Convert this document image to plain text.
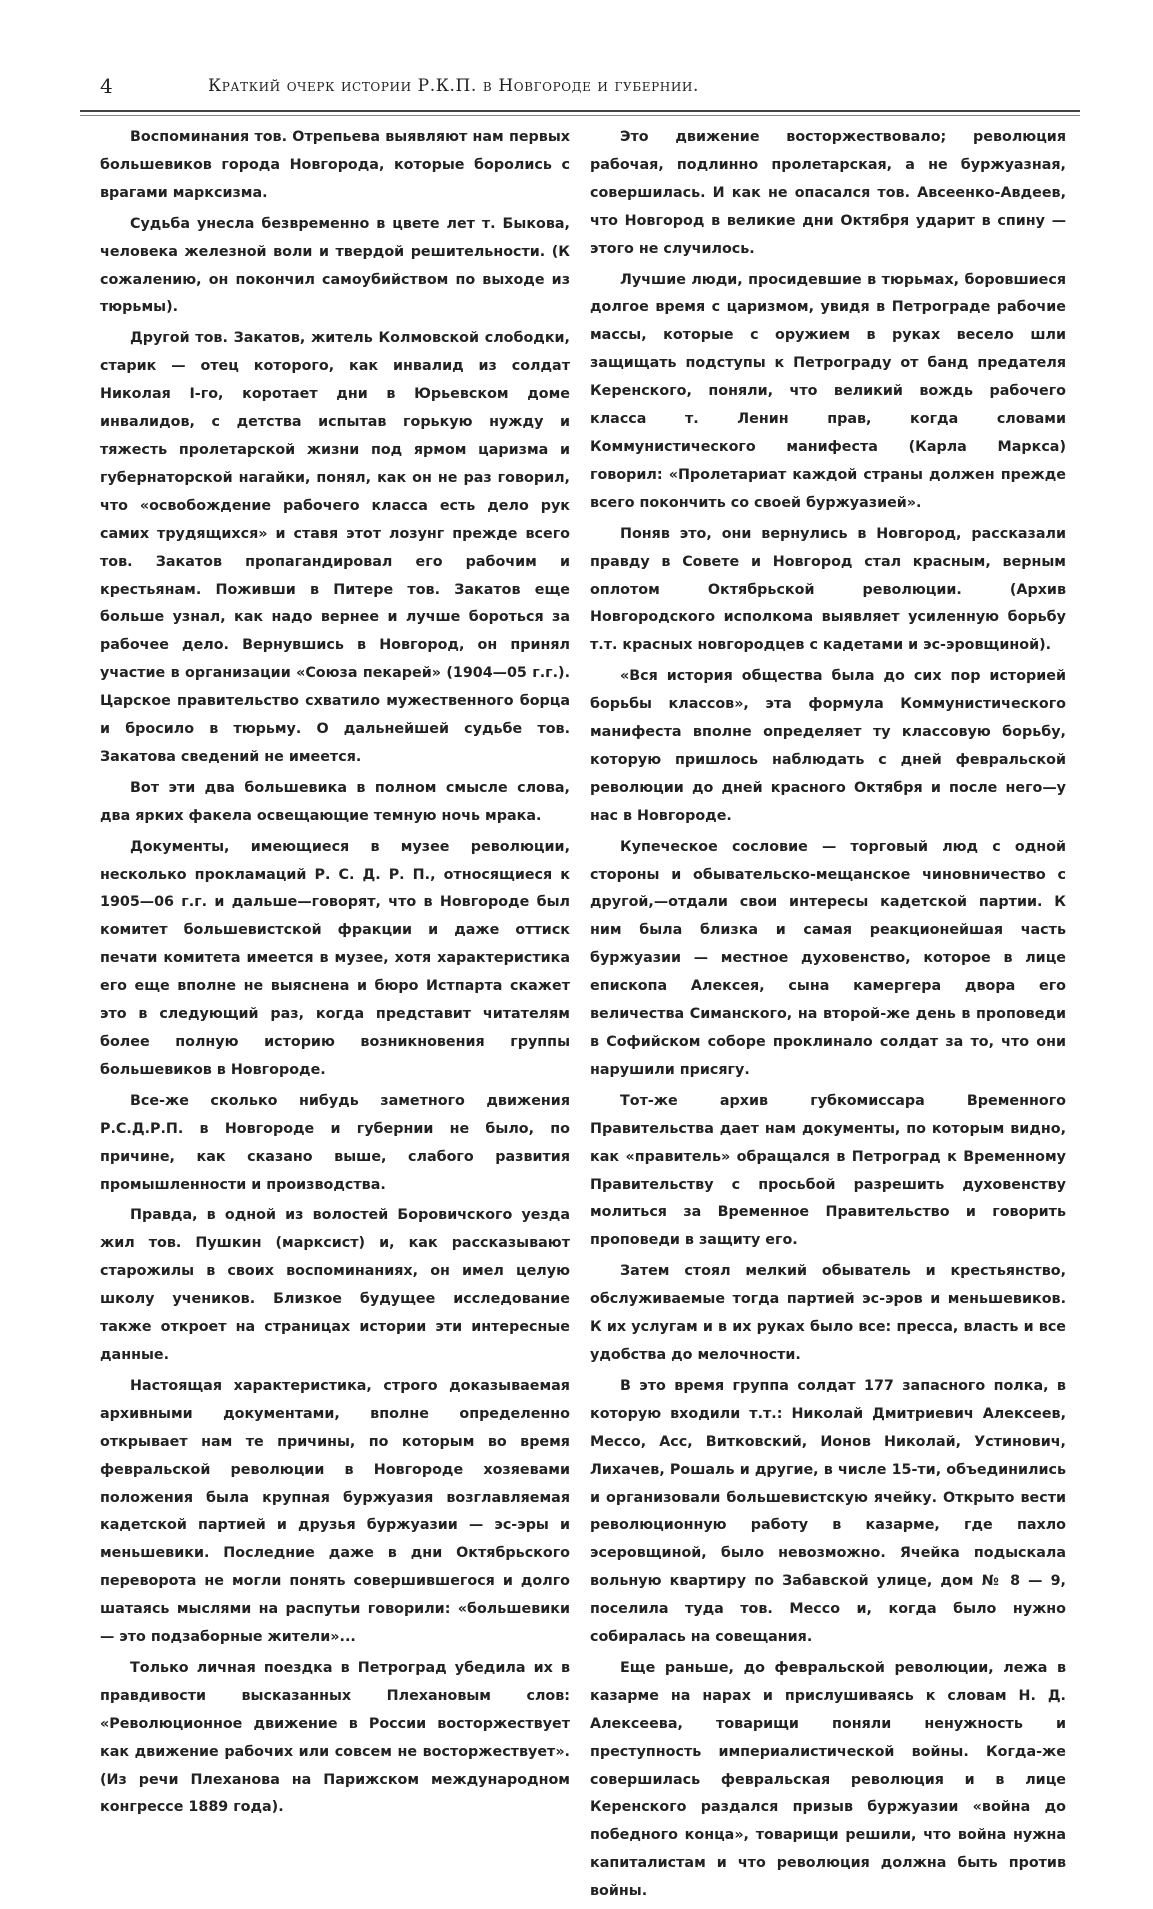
4	Краткий очерк истории Р.К.П. в Новгороде и губернии.

Воспоминания тов. Отрепьева выявляют нам первых большевиков города Новгорода, которые боролись с врагами марксизма.

Судьба унесла безвременно в цвете лет т. Быкова, человека железной воли и твердой решительности. (К сожалению, он покончил самоубийством по выходе из тюрьмы).

Другой тов. Закатов, житель Колмовской слободки, старик — отец которого, как инвалид из солдат Николая I-го, коротает дни в Юрьевском доме инвалидов, с детства испытав горькую нужду и тяжесть пролетарской жизни под ярмом царизма и губернаторской нагайки, понял, как он не раз говорил, что «освобождение рабочего класса есть дело рук самих трудящихся» и ставя этот лозунг прежде всего тов. Закатов пропагандировал его рабочим и крестьянам. Поживши в Питере тов. Закатов еще больше узнал, как надо вернее и лучше бороться за рабочее дело. Вернувшись в Новгород, он принял участие в организации «Союза пекарей» (1904—05 г.г.). Царское правительство схватило мужественного борца и бросило в тюрьму. О дальнейшей судьбе тов. Закатова сведений не имеется.

Вот эти два большевика в полном смысле слова, два ярких факела освещающие темную ночь мрака.

Документы, имеющиеся в музее революции, несколько прокламаций Р. С. Д. Р. П., относящиеся к 1905—06 г.г. и дальше—говорят, что в Новгороде был комитет большевистской фракции и даже оттиск печати комитета имеется в музее, хотя характеристика его еще вполне не выяснена и бюро Истпарта скажет это в следующий раз, когда представит читателям более полную историю возникновения группы большевиков в Новгороде.

Все-же сколько нибудь заметного движения Р.С.Д.Р.П. в Новгороде и губернии не было, по причине, как сказано выше, слабого развития промышленности и производства.

Правда, в одной из волостей Боровичского уезда жил тов. Пушкин (марксист) и, как рассказывают старожилы в своих воспоминаниях, он имел целую школу учеников. Близкое будущее исследование также откроет на страницах истории эти интересные данные.

Настоящая характеристика, строго доказываемая архивными документами, вполне определенно открывает нам те причины, по которым во время февральской революции в Новгороде хозяевами положения была крупная буржуазия возглавляемая кадетской партией и друзья буржуазии — эс-эры и меньшевики. Последние даже в дни Октябрьского переворота не могли понять совершившегося и долго шатаясь мыслями на распутьи говорили: «большевики — это подзаборные жители»...

Только личная поездка в Петроград убедила их в правдивости высказанных Плехановым слов: «Революционное движение в России восторжествует как движение рабочих или совсем не восторжествует». (Из речи Плеханова на Парижском международном конгрессе 1889 года).

Это движение восторжествовало; революция рабочая, подлинно пролетарская, а не буржуазная, совершилась. И как не опасался тов. Авсеенко-Авдеев, что Новгород в великие дни Октября ударит в спину — этого не случилось.

Лучшие люди, просидевшие в тюрьмах, боровшиеся долгое время с царизмом, увидя в Петрограде рабочие массы, которые с оружием в руках весело шли защищать подступы к Петрограду от банд предателя Керенского, поняли, что великий вождь рабочего класса т. Ленин прав, когда словами Коммунистического манифеста (Карла Маркса) говорил: «Пролетариат каждой страны должен прежде всего покончить со своей буржуазией».

Поняв это, они вернулись в Новгород, рассказали правду в Совете и Новгород стал красным, верным оплотом Октябрьской революции. (Архив Новгородского исполкома выявляет усиленную борьбу т.т. красных новгородцев с кадетами и эс-эровщиной).

«Вся история общества была до сих пор историей борьбы классов», эта формула Коммунистического манифеста вполне определяет ту классовую борьбу, которую пришлось наблюдать с дней февральской революции до дней красного Октября и после него—у нас в Новгороде.

Купеческое сословие — торговый люд с одной стороны и обывательско-мещанское чиновничество с другой,—отдали свои интересы кадетской партии. К ним была близка и самая реакционейшая часть буржуазии — местное духовенство, которое в лице епископа Алексея, сына камергера двора его величества Симанского, на второй-же день в проповеди в Софийском соборе проклинало солдат за то, что они нарушили присягу.

Тот-же архив губкомиссара Временного Правительства дает нам документы, по которым видно, как «правитель» обращался в Петроград к Временному Правительству с просьбой разрешить духовенству молиться за Временное Правительство и говорить проповеди в защиту его.

Затем стоял мелкий обыватель и крестьянство, обслуживаемые тогда партией эс-эров и меньшевиков. К их услугам и в их руках было все: пресса, власть и все удобства до мелочности.

В это время группа солдат 177 запасного полка, в которую входили т.т.: Николай Дмитриевич Алексеев, Мессо, Асс, Витковский, Ионов Николай, Устинович, Лихачев, Рошаль и другие, в числе 15-ти, объединились и организовали большевистскую ячейку. Открыто вести революционную работу в казарме, где пахло эсеровщиной, было невозможно. Ячейка подыскала вольную квартиру по Забавской улице, дом № 8 — 9, поселила туда тов. Мессо и, когда было нужно собиралась на совещания.

Еще раньше, до февральской революции, лежа в казарме на нарах и прислушиваясь к словам Н. Д. Алексеева, товарищи поняли ненужность и преступность империалистической войны. Когда-же совершилась февральская революция и в лице Керенского раздался призыв буржуазии «война до победного конца», товарищи решили, что война нужна капиталистам и что революция должна быть против войны.
